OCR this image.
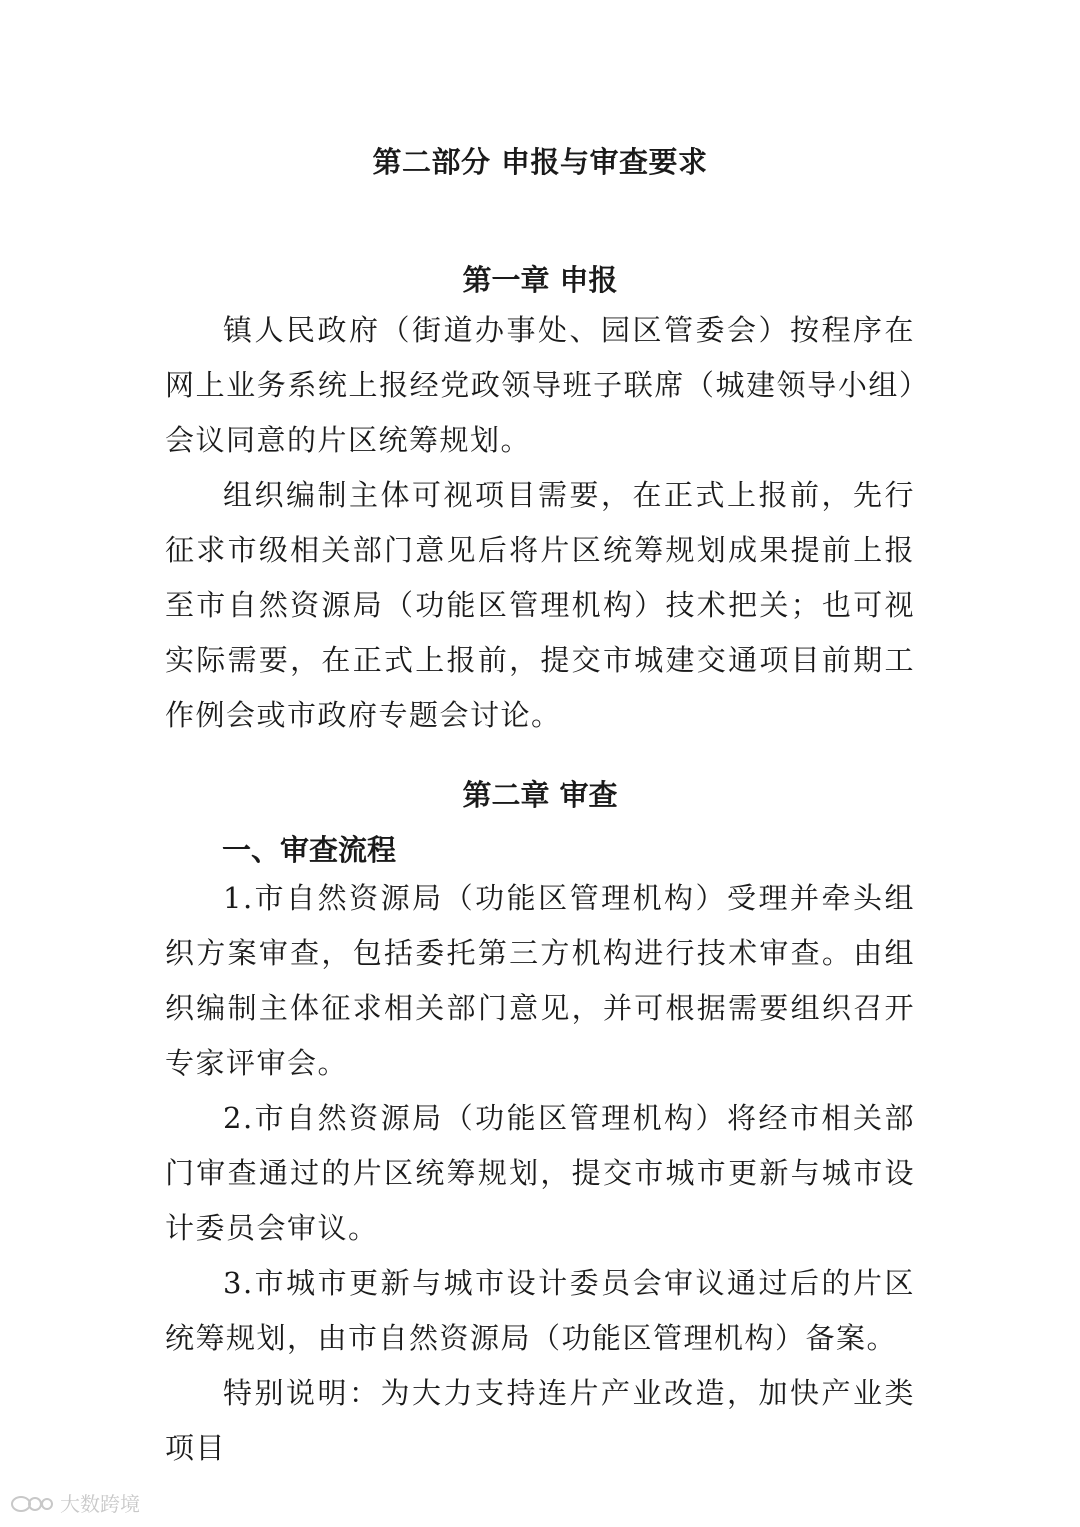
第二部分 申报与审查要求
第一章 申报

镇人民政府（街道办事处、园区管委会）按程序在网上业务系统上报经党政领导班子联席（城建领导小组）会议同意的片区统筹规划。

组织编制主体可视项目需要，在正式上报前，先行征求市级相关部门意见后将片区统筹规划成果提前上报至市自然资源局（功能区管理机构）技术把关；也可视实际需要，在正式上报前，提交市城建交通项目前期工作例会或市政府专题会讨论。

第二章 审查
一、审查流程

1.市自然资源局（功能区管理机构）受理并牵头组织方案审查，包括委托第三方机构进行技术审查。由组织编制主体征求相关部门意见，并可根据需要组织召开专家评审会。

2.市自然资源局（功能区管理机构）将经市相关部门审查通过的片区统筹规划，提交市城市更新与城市设计委员会审议。

3.市城市更新与城市设计委员会审议通过后的片区统筹规划，由市自然资源局（功能区管理机构）备案。

特别说明：为大力支持连片产业改造，加快产业类项目

大数跨境
